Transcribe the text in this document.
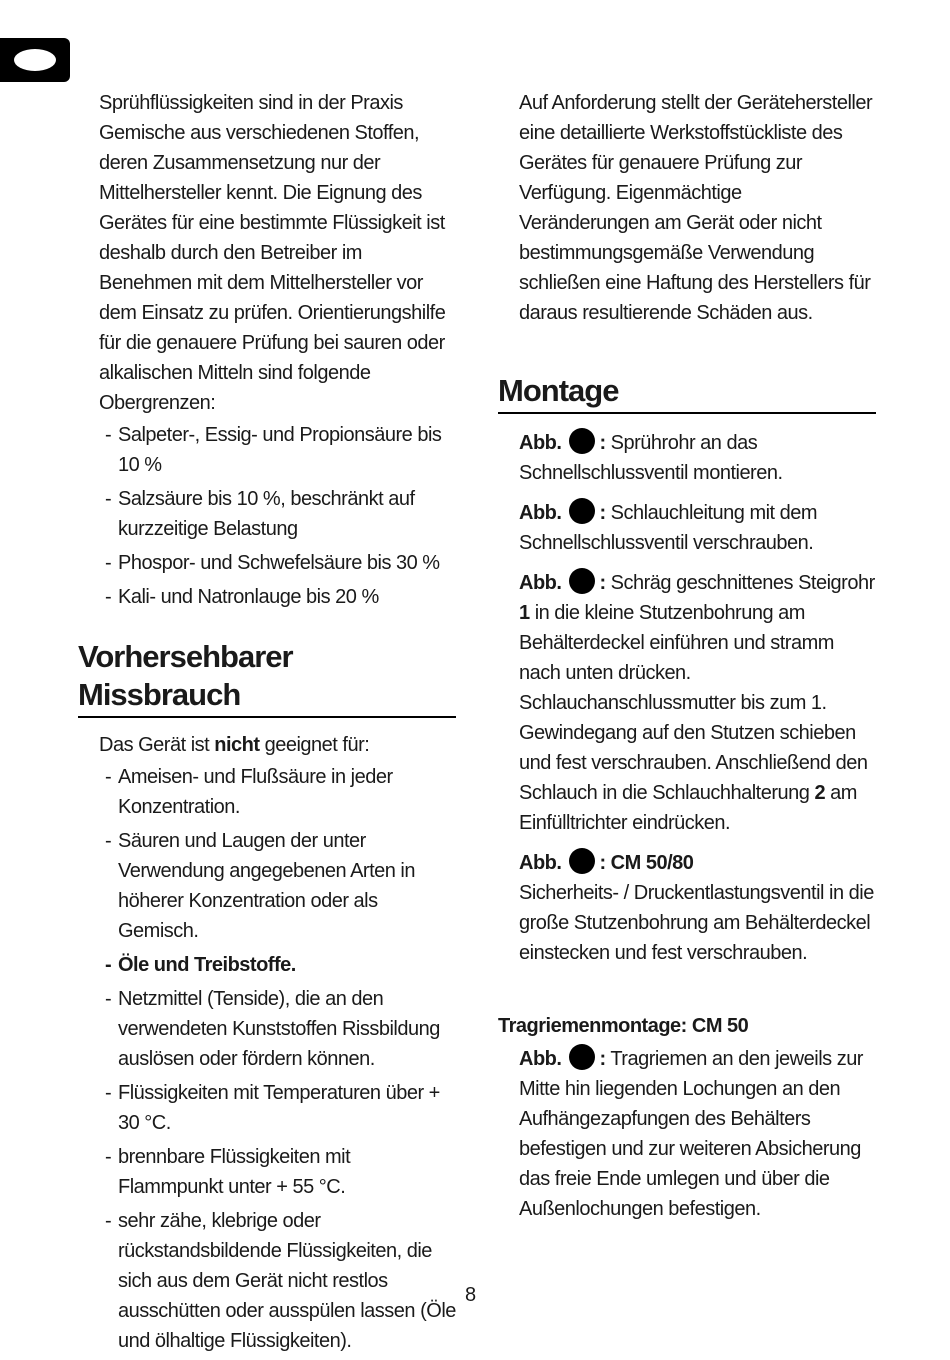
Sprühflüssigkeiten sind in der Praxis Gemische aus verschiedenen Stoffen, deren Zusammensetzung nur der Mittelhersteller kennt. Die Eignung des Gerätes für eine bestimmte Flüssigkeit ist deshalb durch den Betreiber im Benehmen mit dem Mittelhersteller vor dem Einsatz zu prüfen. Orientierungshilfe für die genauere Prüfung bei sauren oder alkalischen Mitteln sind folgende Obergrenzen:

- Salpeter-, Essig- und Propionsäure bis 10 %
- Salzsäure bis 10 %, beschränkt auf kurzzeitige Belastung
- Phospor- und Schwefelsäure bis 30 %
- Kali- und Natronlauge bis 20 %
Vorhersehbarer Missbrauch

Das Gerät ist nicht geeignet für:

- Ameisen- und Flußsäure in jeder Konzentration.
- Säuren und Laugen der unter Verwendung angegebenen Arten in höherer Konzentration oder als Gemisch.
- Öle und Treibstoffe.
- Netzmittel (Tenside), die an den verwendeten Kunststoffen Rissbildung auslösen oder fördern können.
- Flüssigkeiten mit Temperaturen über + 30 °C.
- brennbare Flüssigkeiten mit Flammpunkt unter + 55 °C.
- sehr zähe, klebrige oder rückstandsbildende Flüssigkeiten, die sich aus dem Gerät nicht restlos ausschütten oder ausspülen lassen (Öle und ölhaltige Flüssigkeiten).

Auf Anforderung stellt der Gerätehersteller eine detaillierte Werkstoffstückliste des Gerätes für genauere Prüfung zur Verfügung. Eigenmächtige Veränderungen am Gerät oder nicht bestimmungsgemäße Verwendung schließen eine Haftung des Herstellers für daraus resultierende Schäden aus.

Montage

Abb. : Sprührohr an das Schnellschlussventil montieren.

Abb. : Schlauchleitung mit dem Schnellschlussventil verschrauben.

Abb. : Schräg geschnittenes Steigrohr 1 in die kleine Stutzenbohrung am Behälterdeckel einführen und stramm nach unten drücken. Schlauchanschlussmutter bis zum 1. Gewindegang auf den Stutzen schieben und fest verschrauben. Anschließend den Schlauch in die Schlauchhalterung 2 am Einfülltrichter eindrücken.

Abb. : CM 50/80
Sicherheits- / Druckentlastungsventil in die große Stutzenbohrung am Behälterdeckel einstecken und fest verschrauben.

Tragriemenmontage: CM 50

Abb. : Tragriemen an den jeweils zur Mitte hin liegenden Lochungen an den Aufhängezapfungen des Behälters befestigen und zur weiteren Absicherung das freie Ende umlegen und über die Außenlochungen befestigen.

8
